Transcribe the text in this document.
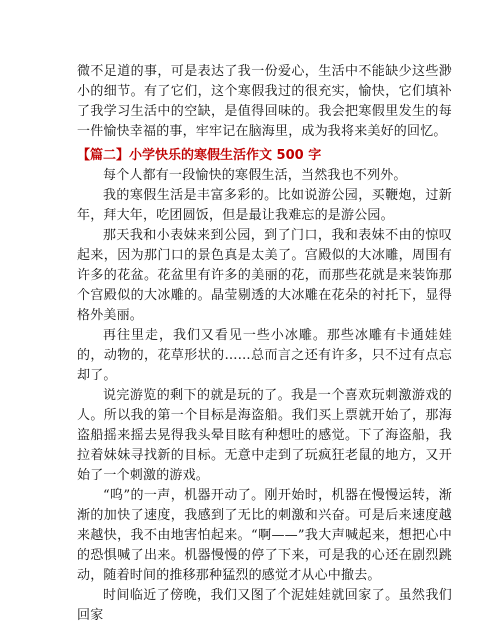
微不足道的事，可是表达了我一份爱心，生活中不能缺少这些渺小的细节。有了它们，这个寒假我过的很充实，愉快，它们填补了我学习生活中的空缺，是值得回味的。我会把寒假里发生的每一件愉快幸福的事，牢牢记在脑海里，成为我将来美好的回忆。

【篇二】小学快乐的寒假生活作文 500 字

每个人都有一段愉快的寒假生活，当然我也不列外。

我的寒假生活是丰富多彩的。比如说游公园，买鞭炮，过新年，拜大年，吃团圆饭，但是最让我难忘的是游公园。

那天我和小表妹来到公园，到了门口，我和表妹不由的惊叹起来，因为那门口的景色真是太美了。宫殿似的大冰雕，周围有许多的花盆。花盆里有许多的美丽的花，而那些花就是来装饰那个宫殿似的大冰雕的。晶莹剔透的大冰雕在花朵的衬托下，显得格外美丽。

再往里走，我们又看见一些小冰雕。那些冰雕有卡通娃娃的，动物的，花草形状的……总而言之还有许多，只不过有点忘却了。

说完游览的剩下的就是玩的了。我是一个喜欢玩刺激游戏的人。所以我的第一个目标是海盗船。我们买上票就开始了，那海盗船摇来摇去晃得我头晕目眩有种想吐的感觉。下了海盗船，我拉着妹妹寻找新的目标。无意中走到了玩疯狂老鼠的地方，又开始了一个刺激的游戏。

“呜”的一声，机器开动了。刚开始时，机器在慢慢运转，渐渐的加快了速度，我感到了无比的刺激和兴奋。可是后来速度越来越快，我不由地害怕起来。“啊——”我大声喊起来，想把心中的恐惧喊了出来。机器慢慢的停了下来，可是我的心还在剧烈跳动，随着时间的推移那种猛烈的感觉才从心中撤去。

时间临近了傍晚，我们又图了个泥娃娃就回家了。虽然我们回家
